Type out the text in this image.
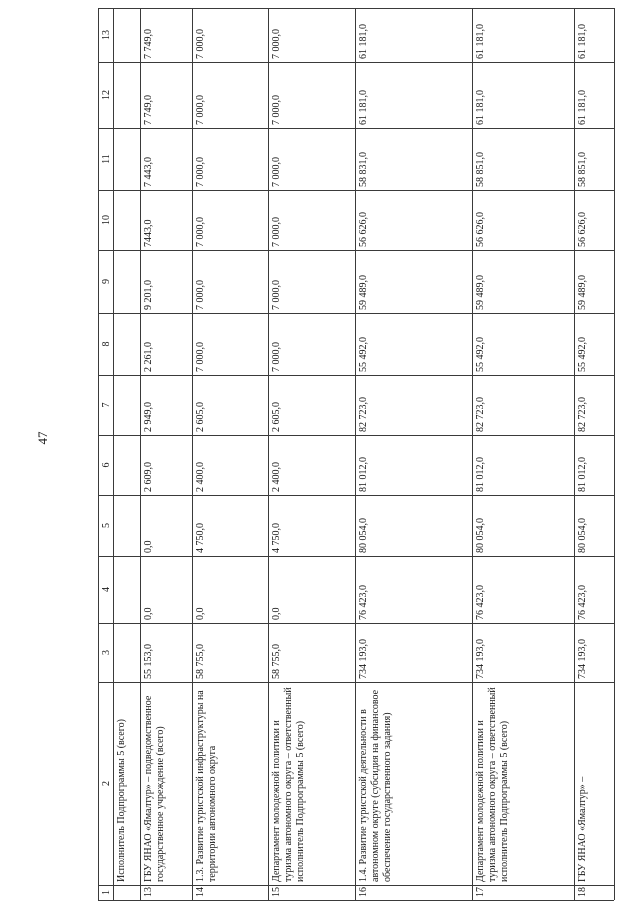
47
1
2
3
4
5
6
7
8
9
10
11
12
13
Исполнитель Подпрограммы 5 (всего)
13
ГБУ ЯНАО «Ямалтур» – подведомственное государственное учреждение (всего)
55 153,0
0,0
0,0
2 609,0
2 949,0
2 261,0
9 201,0
7443,0
7 443,0
7 749,0
7 749,0
14
1.3. Развитие туристской инфраструктуры на территории автономного округа
58 755,0
0,0
4 750,0
2 400,0
2 605,0
7 000,0
7 000,0
7 000,0
7 000,0
7 000,0
7 000,0
15
Департамент молодежной политики и туризма автономного округа – ответственный исполнитель Подпрограммы 5 (всего)
58 755,0
0,0
4 750,0
2 400,0
2 605,0
7 000,0
7 000,0
7 000,0
7 000,0
7 000,0
7 000,0
16
1.4. Развитие туристской деятельности в автономном округе (субсидия на финансовое обеспечение государственного задания)
734 193,0
76 423,0
80 054,0
81 012,0
82 723,0
55 492,0
59 489,0
56 626,0
58 831,0
61 181,0
61 181,0
17
Департамент молодежной политики и туризма автономного округа – ответственный исполнитель Подпрограммы 5 (всего)
734 193,0
76 423,0
80 054,0
81 012,0
82 723,0
55 492,0
59 489,0
56 626,0
58 851,0
61 181,0
61 181,0
18
ГБУ ЯНАО «Ямалтур» –
734 193,0
76 423,0
80 054,0
81 012,0
82 723,0
55 492,0
59 489,0
56 626,0
58 851,0
61 181,0
61 181,0
